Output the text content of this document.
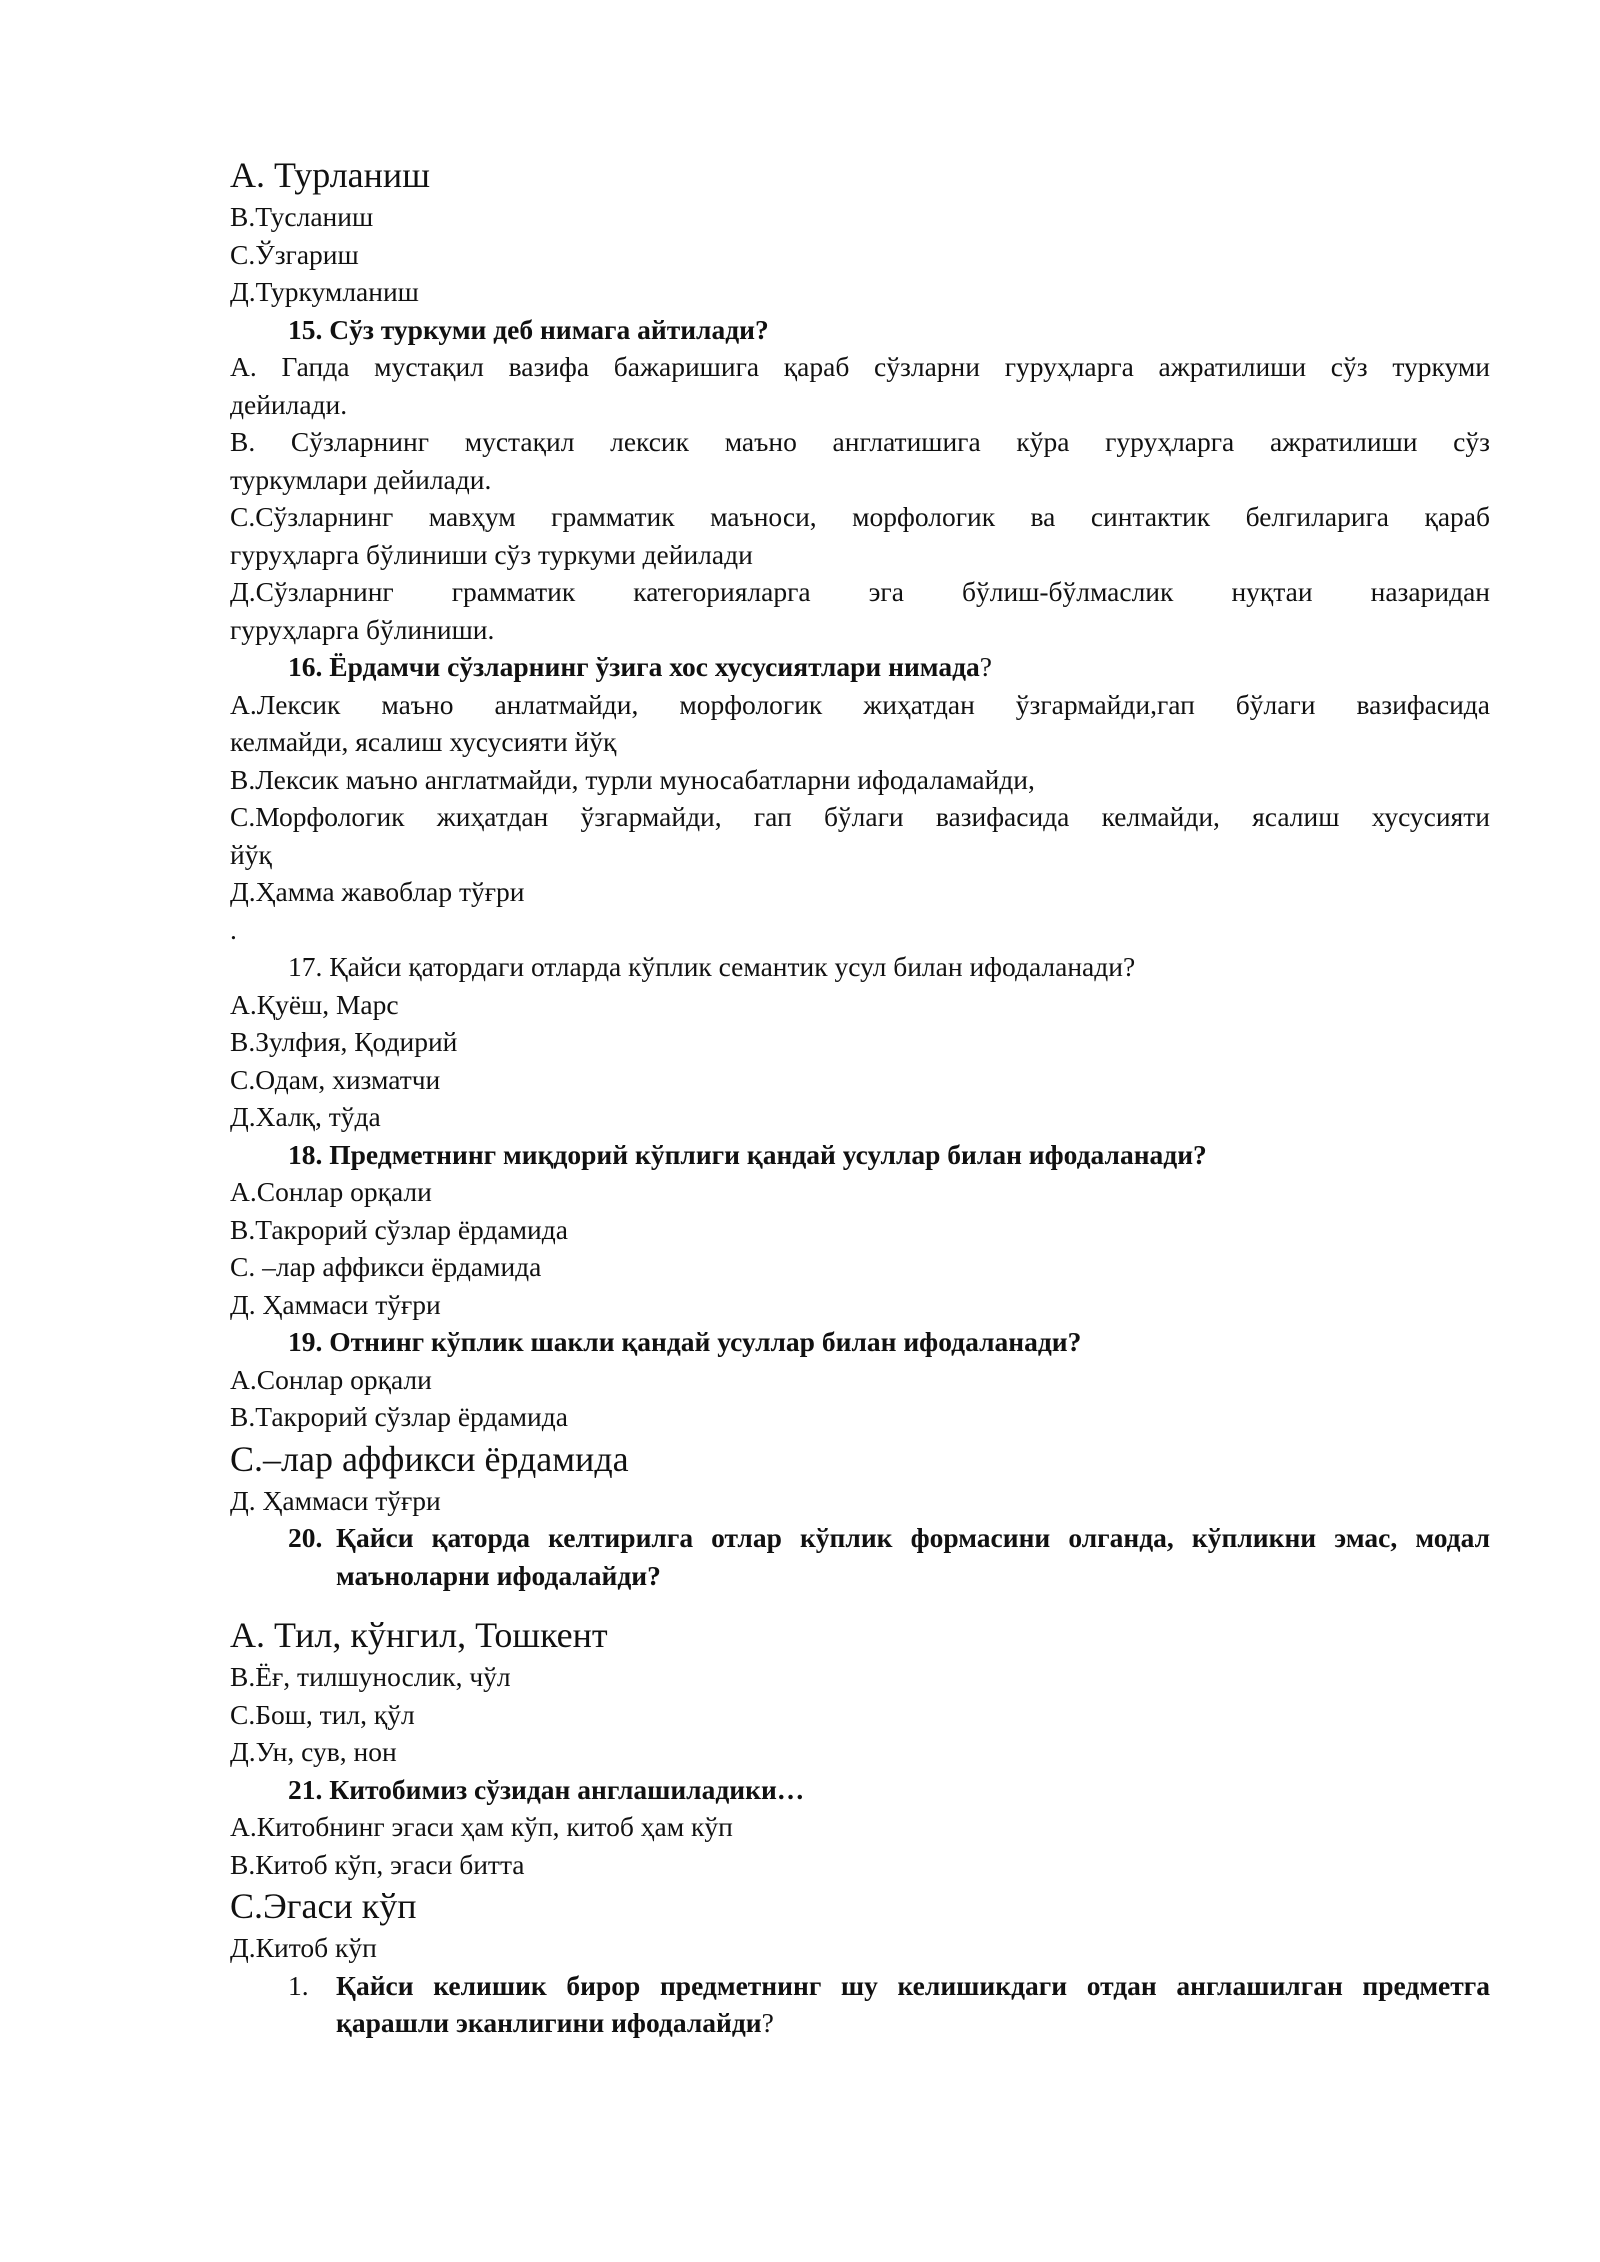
А. Турланиш
В.Тусланиш
С.Ўзгариш
Д.Туркумланиш
15. Сўз туркуми деб нимага айтилади?
А. Гапда мустақил вазифа бажаришига қараб сўзларни гуруҳларга ажратилиши сўз туркуми
дейилади.
В. Сўзларнинг мустақил лексик маъно англатишига кўра гуруҳларга ажратилиши сўз
туркумлари дейилади.
С.Сўзларнинг мавҳум грамматик маъноси, морфологик ва синтактик белгиларига қараб
гуруҳларга бўлиниши сўз туркуми дейилади
Д.Сўзларнинг грамматик категорияларга эга бўлиш-бўлмаслик нуқтаи назаридан
гуруҳларга бўлиниши.
16. Ёрдамчи сўзларнинг ўзига хос хусусиятлари нимада?
А.Лексик маъно анлатмайди, морфологик жиҳатдан ўзгармайди,гап бўлаги вазифасида
келмайди, ясалиш хусусияти йўқ
В.Лексик маъно англатмайди, турли муносабатларни ифодаламайди,
С.Морфологик жиҳатдан ўзгармайди, гап бўлаги вазифасида келмайди, ясалиш хусусияти
йўқ
Д.Ҳамма жавоблар тўғри
.
17. Қайси қатордаги отларда кўплик семантик усул билан ифодаланади?
А.Қуёш, Марс
В.Зулфия, Қодирий
С.Одам, хизматчи
Д.Халқ, тўда
18. Предметнинг миқдорий кўплиги қандай усуллар билан ифодаланади?
А.Сонлар орқали
В.Такрорий сўзлар ёрдамида
С. –лар аффикси ёрдамида
Д. Ҳаммаси тўғри
19. Отнинг кўплик шакли қандай усуллар билан ифодаланади?
А.Сонлар орқали
В.Такрорий сўзлар ёрдамида
С.–лар аффикси ёрдамида
Д. Ҳаммаси тўғри
20. Қайси қаторда келтирилга отлар кўплик формасини олганда, кўпликни эмас, модал маъноларни ифодалайди?
А. Тил, кўнгил, Тошкент
В.Ёғ, тилшунослик, чўл
С.Бош, тил, қўл
Д.Ун, сув, нон
21. Китобимиз сўзидан англашиладики…
А.Китобнинг эгаси ҳам кўп, китоб ҳам кўп
В.Китоб кўп, эгаси битта
С.Эгаси кўп
Д.Китоб кўп
1. Қайси келишик бирор предметнинг шу келишикдаги отдан англашилган предметга қарашли эканлигини ифодалайди?
